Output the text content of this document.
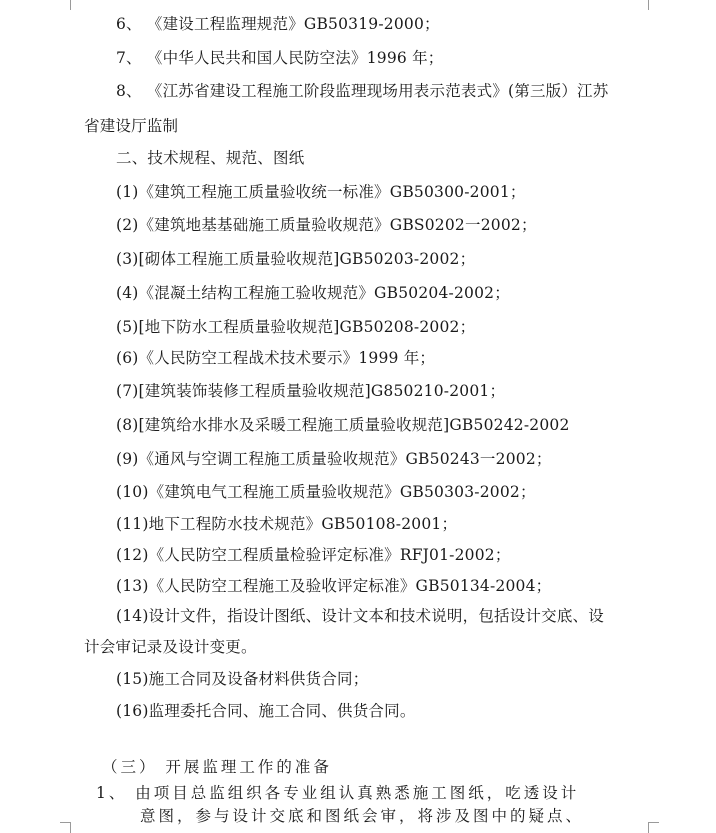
6、 《建设工程监理规范》GB50319-2000；
7、 《中华人民共和国人民防空法》1996 年；
8、 《江苏省建设工程施工阶段监理现场用表示范表式》(第三版）江苏
省建设厅监制
二、技术规程、规范、图纸
(1)《建筑工程施工质量验收统一标准》GB50300-2001；
(2)《建筑地基基础施工质量验收规范》GBS0202一2002；
(3)[砌体工程施工质量验收规范]GB50203-2002；
(4)《混凝土结构工程施工验收规范》GB50204-2002；
(5)[地下防水工程质量验收规范]GB50208-2002；
(6)《人民防空工程战术技术要示》1999 年；
(7)[建筑装饰装修工程质量验收规范]G850210-2001；
(8)[建筑给水排水及采暖工程施工质量验收规范]GB50242-2002
(9)《通风与空调工程施工质量验收规范》GB50243一2002；
(10)《建筑电气工程施工质量验收规范》GB50303-2002；
(11)地下工程防水技术规范》GB50108-2001；
(12)《人民防空工程质量检验评定标准》RFJ01-2002；
(13)《人民防空工程施工及验收评定标准》GB50134-2004；
(14)设计文件，指设计图纸、设计文本和技术说明，包括设计交底、设
计会审记录及设计变更。
(15)施工合同及设备材料供货合同；
(16)监理委托合同、施工合同、供货合同。
（三） 开展监理工作的准备
1、 由项目总监组织各专业组认真熟悉施工图纸，吃透设计
意图，参与设计交底和图纸会审，将涉及图中的疑点、
